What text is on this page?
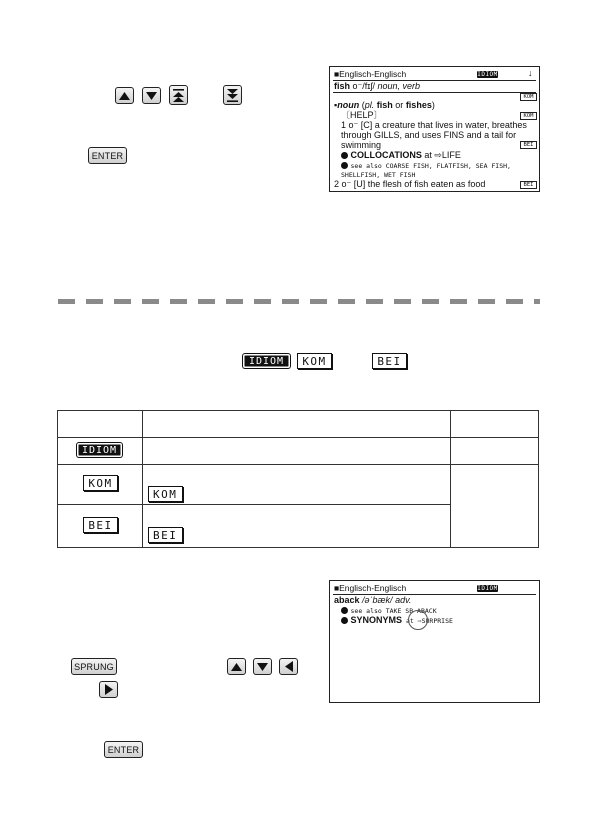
ENTER
■ Englisch-Englisch	IDIOM	↓
fish o⁻/fɪʃ/ noun, verb
KOM
▪noun (pl. fish or fishes)
〔HELP〕	KOM
1 o⁻ [C] a creature that lives in water, breathes
through GILLS, and uses FINS and a tail for
swimming	BEI
COLLOCATIONS at ⇨LIFE
see also COARSE FISH, FLATFISH, SEA FISH,
SHELLFISH, WET FISH
2 o⁻ [U] the flesh of fish eaten as food	BEI
IDIOM	KOM	BEI

IDIOM		

KOM	KOM	

BEI	BEI	
■ Englisch-Englisch	IDIOM
aback /əˈbæk/ adv.
see also TAKE SB ABACK
SYNONYMS at ⇨SURPRISE
SPRUNG
ENTER
